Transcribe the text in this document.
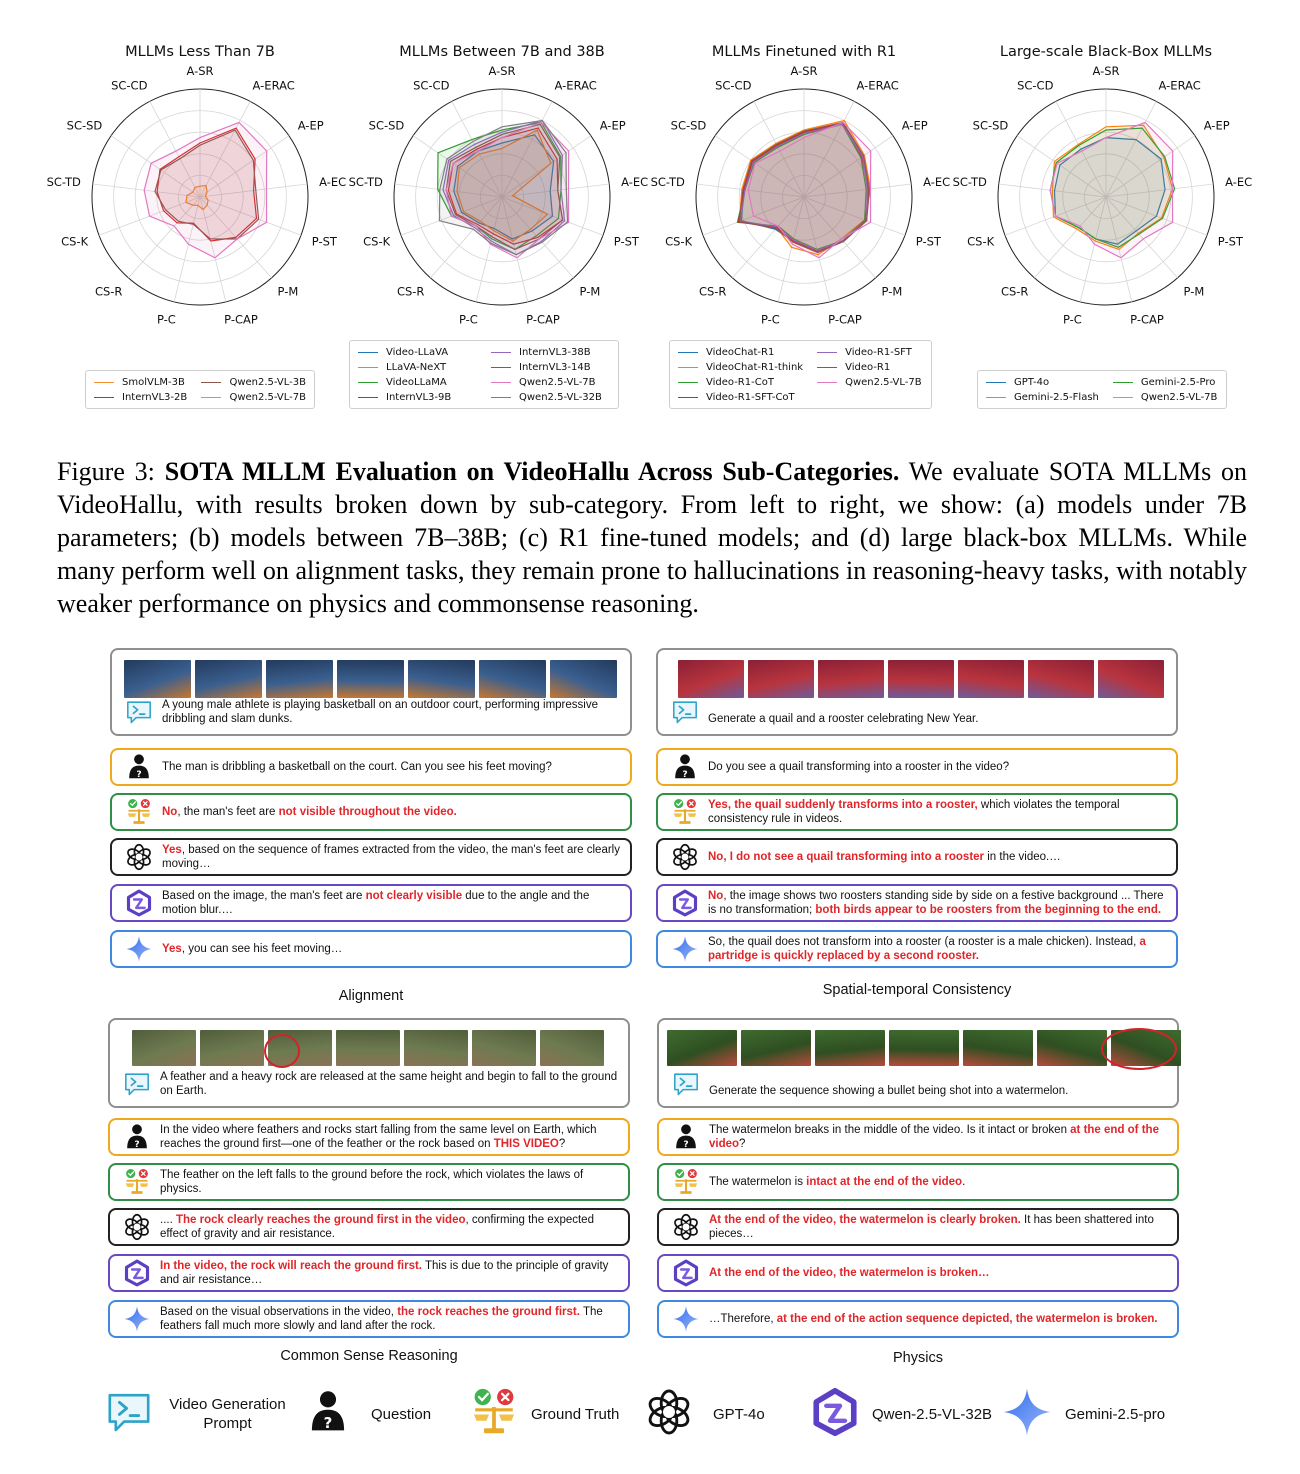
MLLMs Less Than 7B
A-SR
A-ERAC
A-EP
A-EC
P-ST
P-M
P-CAP
P-C
CS-R
CS-K
SC-TD
SC-SD
SC-CD
SmolVLM-3B	Qwen2.5-VL-3B
InternVL3-2B	Qwen2.5-VL-7B
MLLMs Between 7B and 38B
A-SR
A-ERAC
A-EP
A-EC
P-ST
P-M
P-CAP
P-C
CS-R
CS-K
SC-TD
SC-SD
SC-CD
Video-LLaVA	InternVL3-38B
LLaVA-NeXT	InternVL3-14B
VideoLLaMA	Qwen2.5-VL-7B
InternVL3-9B	Qwen2.5-VL-32B
MLLMs Finetuned with R1
A-SR
A-ERAC
A-EP
A-EC
P-ST
P-M
P-CAP
P-C
CS-R
CS-K
SC-TD
SC-SD
SC-CD
VideoChat-R1	Video-R1-SFT
VideoChat-R1-think	Video-R1
Video-R1-CoT	Qwen2.5-VL-7B
Video-R1-SFT-CoT
Large-scale Black-Box MLLMs
A-SR
A-ERAC
A-EP
A-EC
P-ST
P-M
P-CAP
P-C
CS-R
CS-K
SC-TD
SC-SD
SC-CD
GPT-4o	Gemini-2.5-Pro
Gemini-2.5-Flash	Qwen2.5-VL-7B
Figure 3: SOTA MLLM Evaluation on VideoHallu Across Sub-Categories. We evaluate SOTA MLLMs on VideoHallu, with results broken down by sub-category. From left to right, we show: (a) models under 7B parameters; (b) models between 7B–38B; (c) R1 fine-tuned models; and (d) large black-box MLLMs. While many perform well on alignment tasks, they remain prone to hallucinations in reasoning-heavy tasks, with notably weaker performance on physics and commonsense reasoning.
A young male athlete is playing basketball on an outdoor court, performing impressive dribbling and slam dunks.
?
The man is dribbling a basketball on the court. Can you see his feet moving?
No, the man's feet are not visible throughout the video.
Yes, based on the sequence of frames extracted from the video, the man's feet are clearly moving…
Based on the image, the man's feet are not clearly visible due to the angle and the motion blur.…
Yes, you can see his feet moving…
Alignment
Generate a quail and a rooster celebrating New Year.
?
Do you see a quail transforming into a rooster in the video?
Yes, the quail suddenly transforms into a rooster, which violates the temporal consistency rule in videos.
No, I do not see a quail transforming into a rooster in the video.…
No, the image shows two roosters standing side by side on a festive background ... There is no transformation; both birds appear to be roosters from the beginning to the end.
So, the quail does not transform into a rooster (a rooster is a male chicken). Instead, a partridge is quickly replaced by a second rooster.
Spatial-temporal Consistency
A feather and a heavy rock are released at the same height and begin to fall to the ground on Earth.
?
In the video where feathers and rocks start falling from the same level on Earth, which reaches the ground first—one of the feather or the rock based on THIS VIDEO?
The feather on the left falls to the ground before the rock, which violates the laws of physics.
.... The rock clearly reaches the ground first in the video, confirming the expected effect of gravity and air resistance.
In the video, the rock will reach the ground first. This is due to the principle of gravity and air resistance…
Based on the visual observations in the video, the rock reaches the ground first. The feathers fall much more slowly and land after the rock.
Common Sense Reasoning
Generate the sequence showing a bullet being shot into a watermelon.
?
The watermelon breaks in the middle of the video. Is it intact or broken at the end of the video?
The watermelon is intact at the end of the video.
At the end of the video, the watermelon is clearly broken. It has been shattered into pieces…
At the end of the video, the watermelon is broken…
…Therefore, at the end of the action sequence depicted, the watermelon is broken.
Physics
Video Generation Prompt	?	Question	Ground Truth	GPT-4o	Qwen-2.5-VL-32B	Gemini-2.5-pro
